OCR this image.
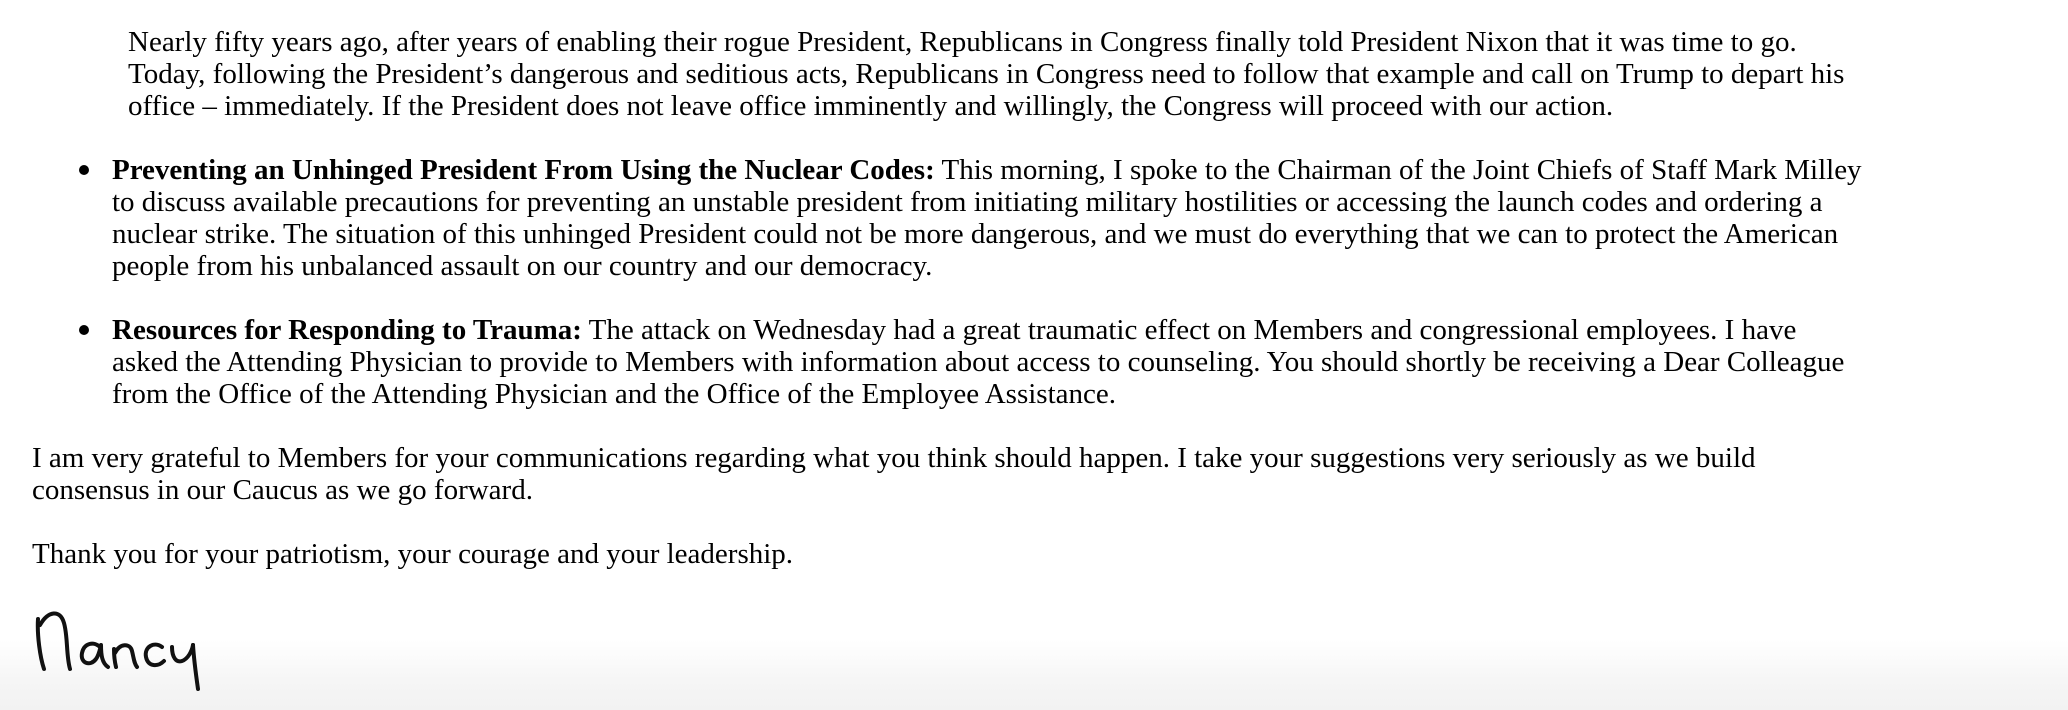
Nearly fifty years ago, after years of enabling their rogue President, Republicans in Congress finally told President Nixon that it was time to go.
Today, following the President’s dangerous and seditious acts, Republicans in Congress need to follow that example and call on Trump to depart his
office – immediately. If the President does not leave office imminently and willingly, the Congress will proceed with our action.
Preventing an Unhinged President From Using the Nuclear Codes: This morning, I spoke to the Chairman of the Joint Chiefs of Staff Mark Milley
to discuss available precautions for preventing an unstable president from initiating military hostilities or accessing the launch codes and ordering a
nuclear strike. The situation of this unhinged President could not be more dangerous, and we must do everything that we can to protect the American
people from his unbalanced assault on our country and our democracy.
Resources for Responding to Trauma: The attack on Wednesday had a great traumatic effect on Members and congressional employees. I have
asked the Attending Physician to provide to Members with information about access to counseling. You should shortly be receiving a Dear Colleague
from the Office of the Attending Physician and the Office of the Employee Assistance.
I am very grateful to Members for your communications regarding what you think should happen. I take your suggestions very seriously as we build
consensus in our Caucus as we go forward.
Thank you for your patriotism, your courage and your leadership.
